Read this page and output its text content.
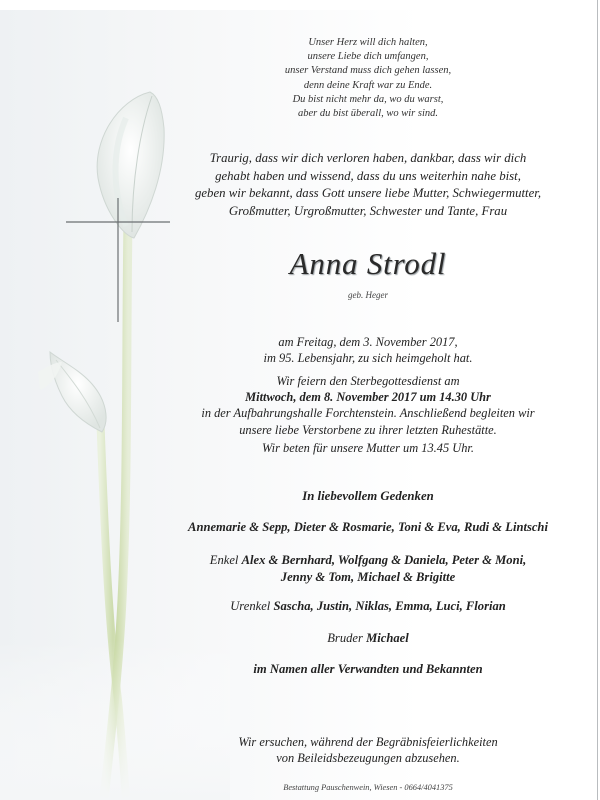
Unser Herz will dich halten,
unsere Liebe dich umfangen,
unser Verstand muss dich gehen lassen,
denn deine Kraft war zu Ende.
Du bist nicht mehr da, wo du warst,
aber du bist überall, wo wir sind.
Traurig, dass wir dich verloren haben, dankbar, dass wir dich
gehabt haben und wissend, dass du uns weiterhin nahe bist,
geben wir bekannt, dass Gott unsere liebe Mutter, Schwiegermutter,
Großmutter, Urgroßmutter, Schwester und Tante, Frau
Anna Strodl
geb. Heger
am Freitag, dem 3. November 2017,
im 95. Lebensjahr, zu sich heimgeholt hat.
Wir feiern den Sterbegottesdienst am
Mittwoch, dem 8. November 2017 um 14.30 Uhr
in der Aufbahrungshalle Forchtenstein. Anschließend begleiten wir
unsere liebe Verstorbene zu ihrer letzten Ruhestätte.
Wir beten für unsere Mutter um 13.45 Uhr.
In liebevollem Gedenken
Annemarie & Sepp, Dieter & Rosmarie, Toni & Eva, Rudi & Lintschi
Enkel Alex & Bernhard, Wolfgang & Daniela, Peter & Moni,
Jenny & Tom, Michael & Brigitte
Urenkel Sascha, Justin, Niklas, Emma, Luci, Florian
Bruder Michael
im Namen aller Verwandten und Bekannten
Wir ersuchen, während der Begräbnisfeierlichkeiten
von Beileidsbezeugungen abzusehen.
Bestattung Pauschenwein, Wiesen - 0664/4041375
